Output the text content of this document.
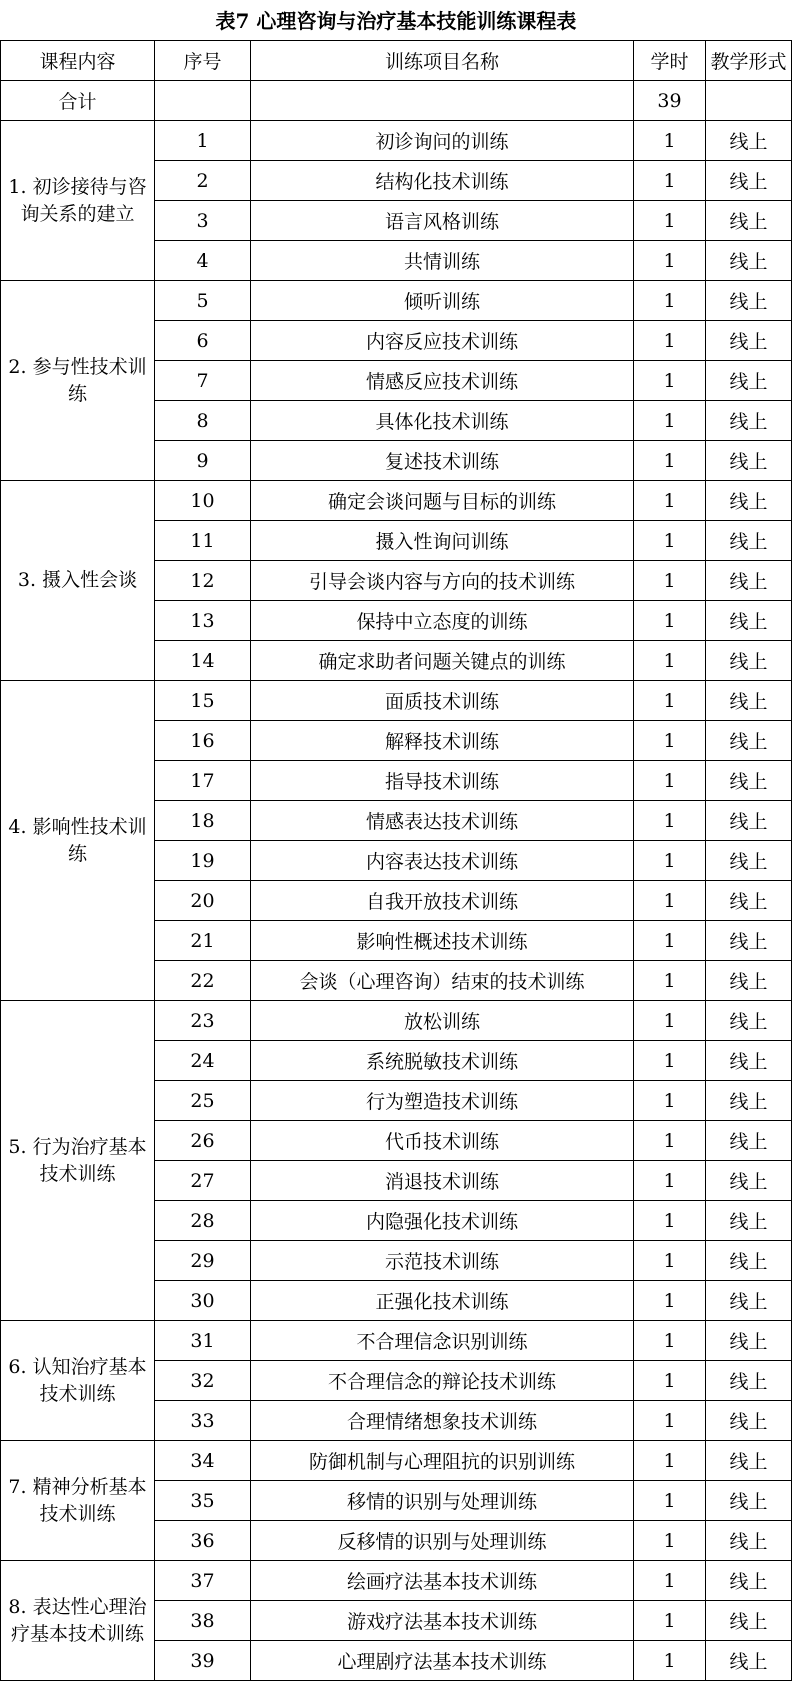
表7 心理咨询与治疗基本技能训练课程表
课程内容	序号	训练项目名称	学时	教学形式
合计			39	
1. 初诊接待与咨询关系的建立	1	初诊询问的训练	1	线上
	2	结构化技术训练	1	线上
	3	语言风格训练	1	线上
	4	共情训练	1	线上
2. 参与性技术训练	5	倾听训练	1	线上
	6	内容反应技术训练	1	线上
	7	情感反应技术训练	1	线上
	8	具体化技术训练	1	线上
	9	复述技术训练	1	线上
3. 摄入性会谈	10	确定会谈问题与目标的训练	1	线上
	11	摄入性询问训练	1	线上
	12	引导会谈内容与方向的技术训练	1	线上
	13	保持中立态度的训练	1	线上
	14	确定求助者问题关键点的训练	1	线上
4. 影响性技术训练	15	面质技术训练	1	线上
	16	解释技术训练	1	线上
	17	指导技术训练	1	线上
	18	情感表达技术训练	1	线上
	19	内容表达技术训练	1	线上
	20	自我开放技术训练	1	线上
	21	影响性概述技术训练	1	线上
	22	会谈（心理咨询）结束的技术训练	1	线上
5. 行为治疗基本技术训练	23	放松训练	1	线上
	24	系统脱敏技术训练	1	线上
	25	行为塑造技术训练	1	线上
	26	代币技术训练	1	线上
	27	消退技术训练	1	线上
	28	内隐强化技术训练	1	线上
	29	示范技术训练	1	线上
	30	正强化技术训练	1	线上
6. 认知治疗基本技术训练	31	不合理信念识别训练	1	线上
	32	不合理信念的辩论技术训练	1	线上
	33	合理情绪想象技术训练	1	线上
7. 精神分析基本技术训练	34	防御机制与心理阻抗的识别训练	1	线上
	35	移情的识别与处理训练	1	线上
	36	反移情的识别与处理训练	1	线上
8. 表达性心理治疗基本技术训练	37	绘画疗法基本技术训练	1	线上
	38	游戏疗法基本技术训练	1	线上
	39	心理剧疗法基本技术训练	1	线上
